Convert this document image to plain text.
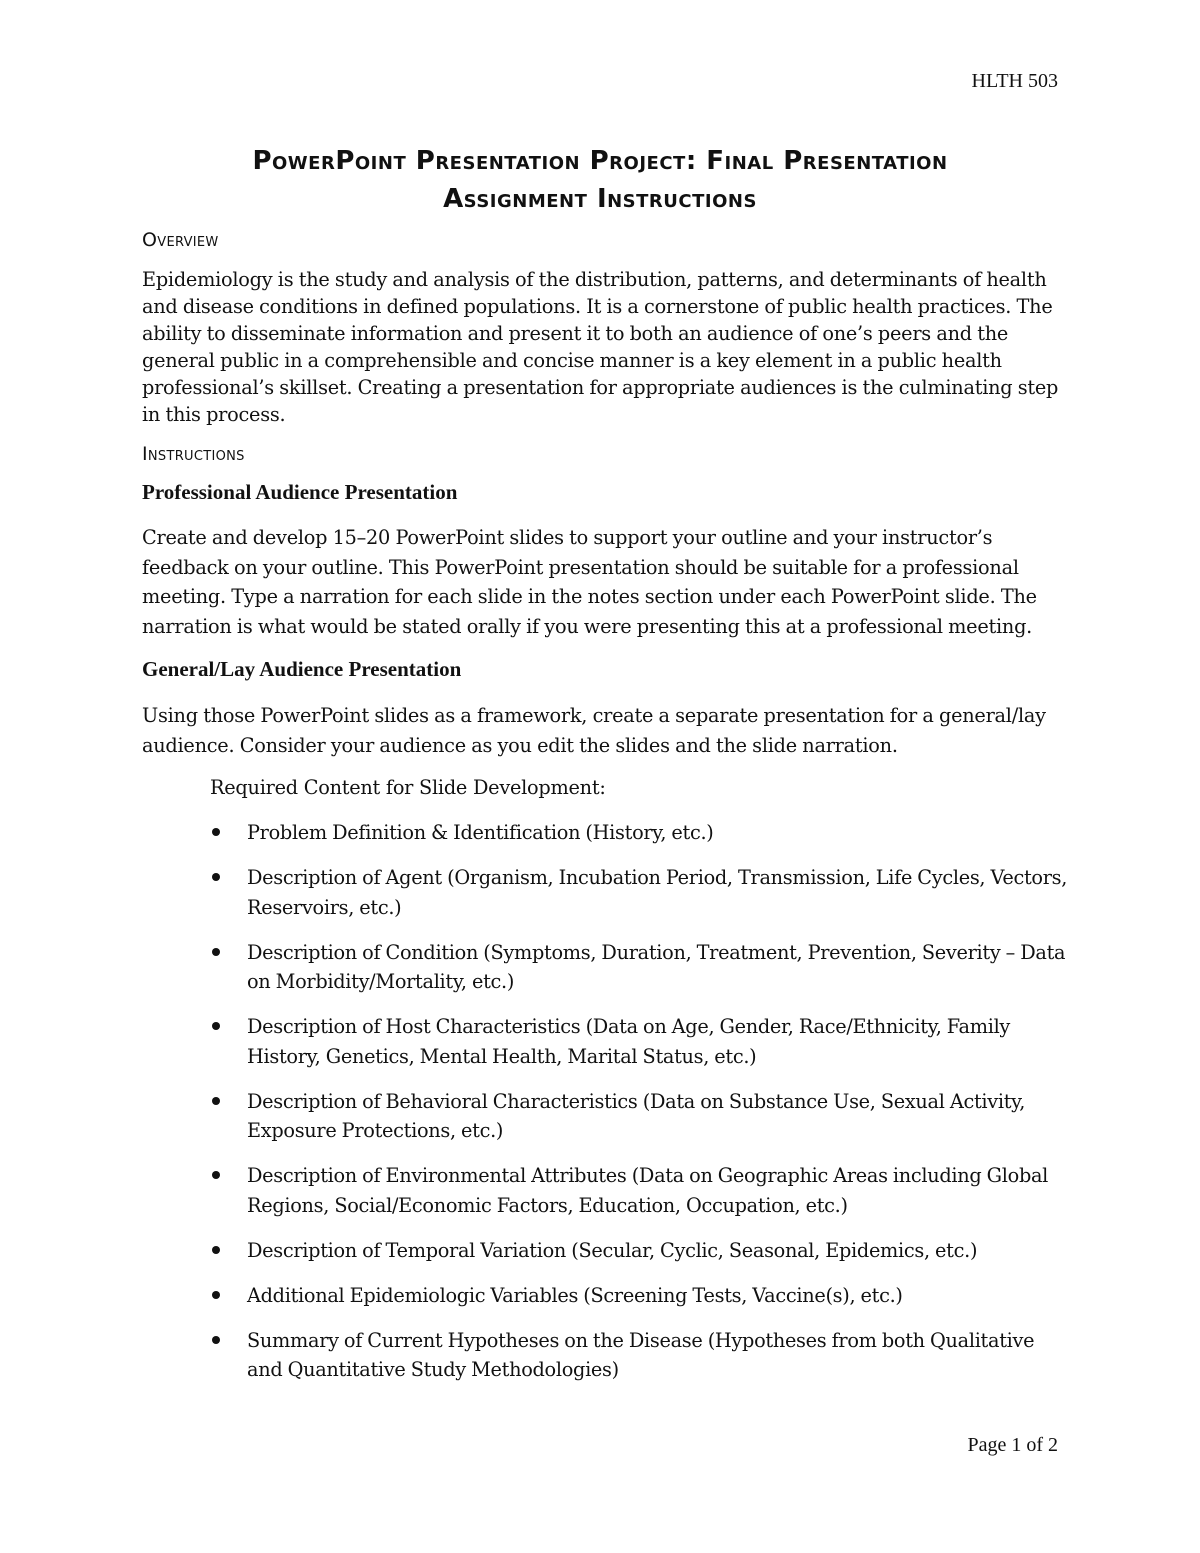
HLTH 503
PowerPoint Presentation Project: Final Presentation
Assignment Instructions
Overview
Epidemiology is the study and analysis of the distribution, patterns, and determinants of health and disease conditions in defined populations. It is a cornerstone of public health practices. The ability to disseminate information and present it to both an audience of one’s peers and the general public in a comprehensible and concise manner is a key element in a public health professional’s skillset. Creating a presentation for appropriate audiences is the culminating step in this process.
Instructions
Professional Audience Presentation
Create and develop 15–20 PowerPoint slides to support your outline and your instructor’s feedback on your outline. This PowerPoint presentation should be suitable for a professional meeting. Type a narration for each slide in the notes section under each PowerPoint slide. The narration is what would be stated orally if you were presenting this at a professional meeting.
General/Lay Audience Presentation
Using those PowerPoint slides as a framework, create a separate presentation for a general/lay audience. Consider your audience as you edit the slides and the slide narration.
Required Content for Slide Development:
Problem Definition & Identification (History, etc.)
Description of Agent (Organism, Incubation Period, Transmission, Life Cycles, Vectors, Reservoirs, etc.)
Description of Condition (Symptoms, Duration, Treatment, Prevention, Severity – Data on Morbidity/Mortality, etc.)
Description of Host Characteristics (Data on Age, Gender, Race/Ethnicity, Family History, Genetics, Mental Health, Marital Status, etc.)
Description of Behavioral Characteristics (Data on Substance Use, Sexual Activity, Exposure Protections, etc.)
Description of Environmental Attributes (Data on Geographic Areas including Global Regions, Social/Economic Factors, Education, Occupation, etc.)
Description of Temporal Variation (Secular, Cyclic, Seasonal, Epidemics, etc.)
Additional Epidemiologic Variables (Screening Tests, Vaccine(s), etc.)
Summary of Current Hypotheses on the Disease (Hypotheses from both Qualitative and Quantitative Study Methodologies)
Page 1 of 2
